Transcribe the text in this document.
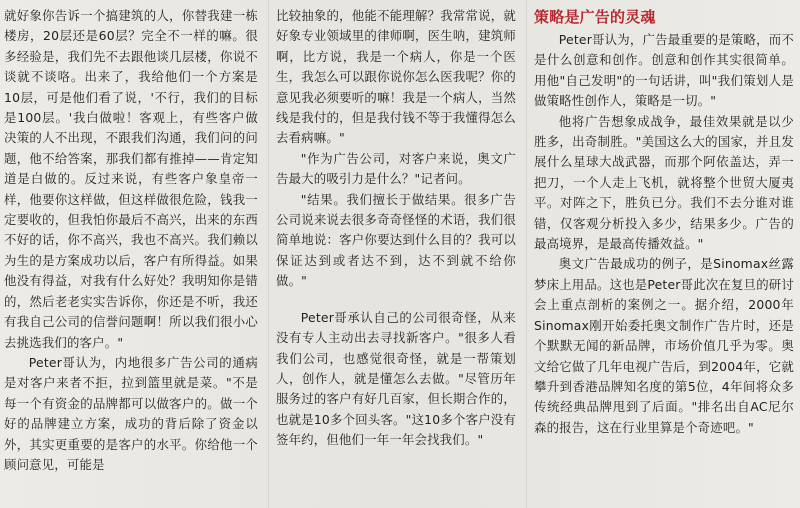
就好象你告诉一个搞建筑的人，你替我建一栋楼房，20层还是60层？完全不一样的嘛。很多经验是，我们先不去跟他谈几层楼，你说不谈就不谈咯。出来了，我给他们一个方案是10层，可是他们看了说，'不行，我们的目标是100层。'我白做啦！客观上，有些客户做决策的人不出现，不跟我们沟通，我们问的问题，他不给答案，那我们都有推掉——肯定知道是白做的。反过来说，有些客户象皇帝一样，他要你这样做，但这样做很危险，钱我一定要收的，但我怕你最后不高兴，出来的东西不好的话，你不高兴，我也不高兴。我们赖以为生的是方案成功以后，客户有所得益。如果他没有得益，对我有什么好处？我明知你是错的，然后老老实实告诉你，你还是不听，我还有我自己公司的信誉问题啊！所以我们很小心去挑选我们的客户。"

Peter哥认为，内地很多广告公司的通病是对客户来者不拒，拉到篮里就是菜。"不是每一个有资金的品牌都可以做客户的。做一个好的品牌建立方案，成功的背后除了资金以外，其实更重要的是客户的水平。你给他一个顾问意见，可能是

比较抽象的，他能不能理解？我常常说，就好象专业领域里的律师啊，医生呐，建筑师啊，比方说，我是一个病人，你是一个医生，我怎么可以跟你说你怎么医我呢？你的意见我必须要听的嘛！我是一个病人，当然线是我付的，但是我付钱不等于我懂得怎么去看病嘛。"

"作为广告公司，对客户来说，奥文广告最大的吸引力是什么？"记者问。

"结果。我们擅长于做结果。很多广告公司说来说去很多奇奇怪怪的术语，我们很简单地说：客户你要达到什么目的？我可以保证达到或者达不到，达不到就不给你做。"

Peter哥承认自己的公司很奇怪，从来没有专人主动出去寻找新客户。"很多人看我们公司，也感觉很奇怪，就是一帮策划人，创作人，就是懂怎么去做。"尽管历年服务过的客户有好几百家，但长期合作的，也就是10多个回头客。"这10多个客户没有签年约，但他们一年一年会找我们。"

策略是广告的灵魂

Peter哥认为，广告最重要的是策略，而不是什么创意和创作。创意和创作其实很简单。用他"自己发明"的一句话讲，叫"我们策划人是做策略性创作人，策略是一切。"

他将广告想象成战争，最佳效果就是以少胜多，出奇制胜。"美国这么大的国家，并且发展什么星球大战武器，而那个阿依盖达，弄一把刀，一个人走上飞机，就将整个世贸大厦夷平。对阵之下，胜负已分。我们不去分谁对谁错，仅客观分析投入多少，结果多少。广告的最高境界，是最高传播效益。"

奥文广告最成功的例子，是Sinomax丝露梦床上用品。这也是Peter哥此次在复旦的研讨会上重点剖析的案例之一。据介绍，2000年Sinomax刚开始委托奥文制作广告片时，还是个默默无闻的新品牌，市场价值几乎为零。奥文给它做了几年电视广告后，到2004年，它就攀升到香港品牌知名度的第5位，4年间将众多传统经典品牌甩到了后面。"排名出自AC尼尔森的报告，这在行业里算是个奇迹吧。"
